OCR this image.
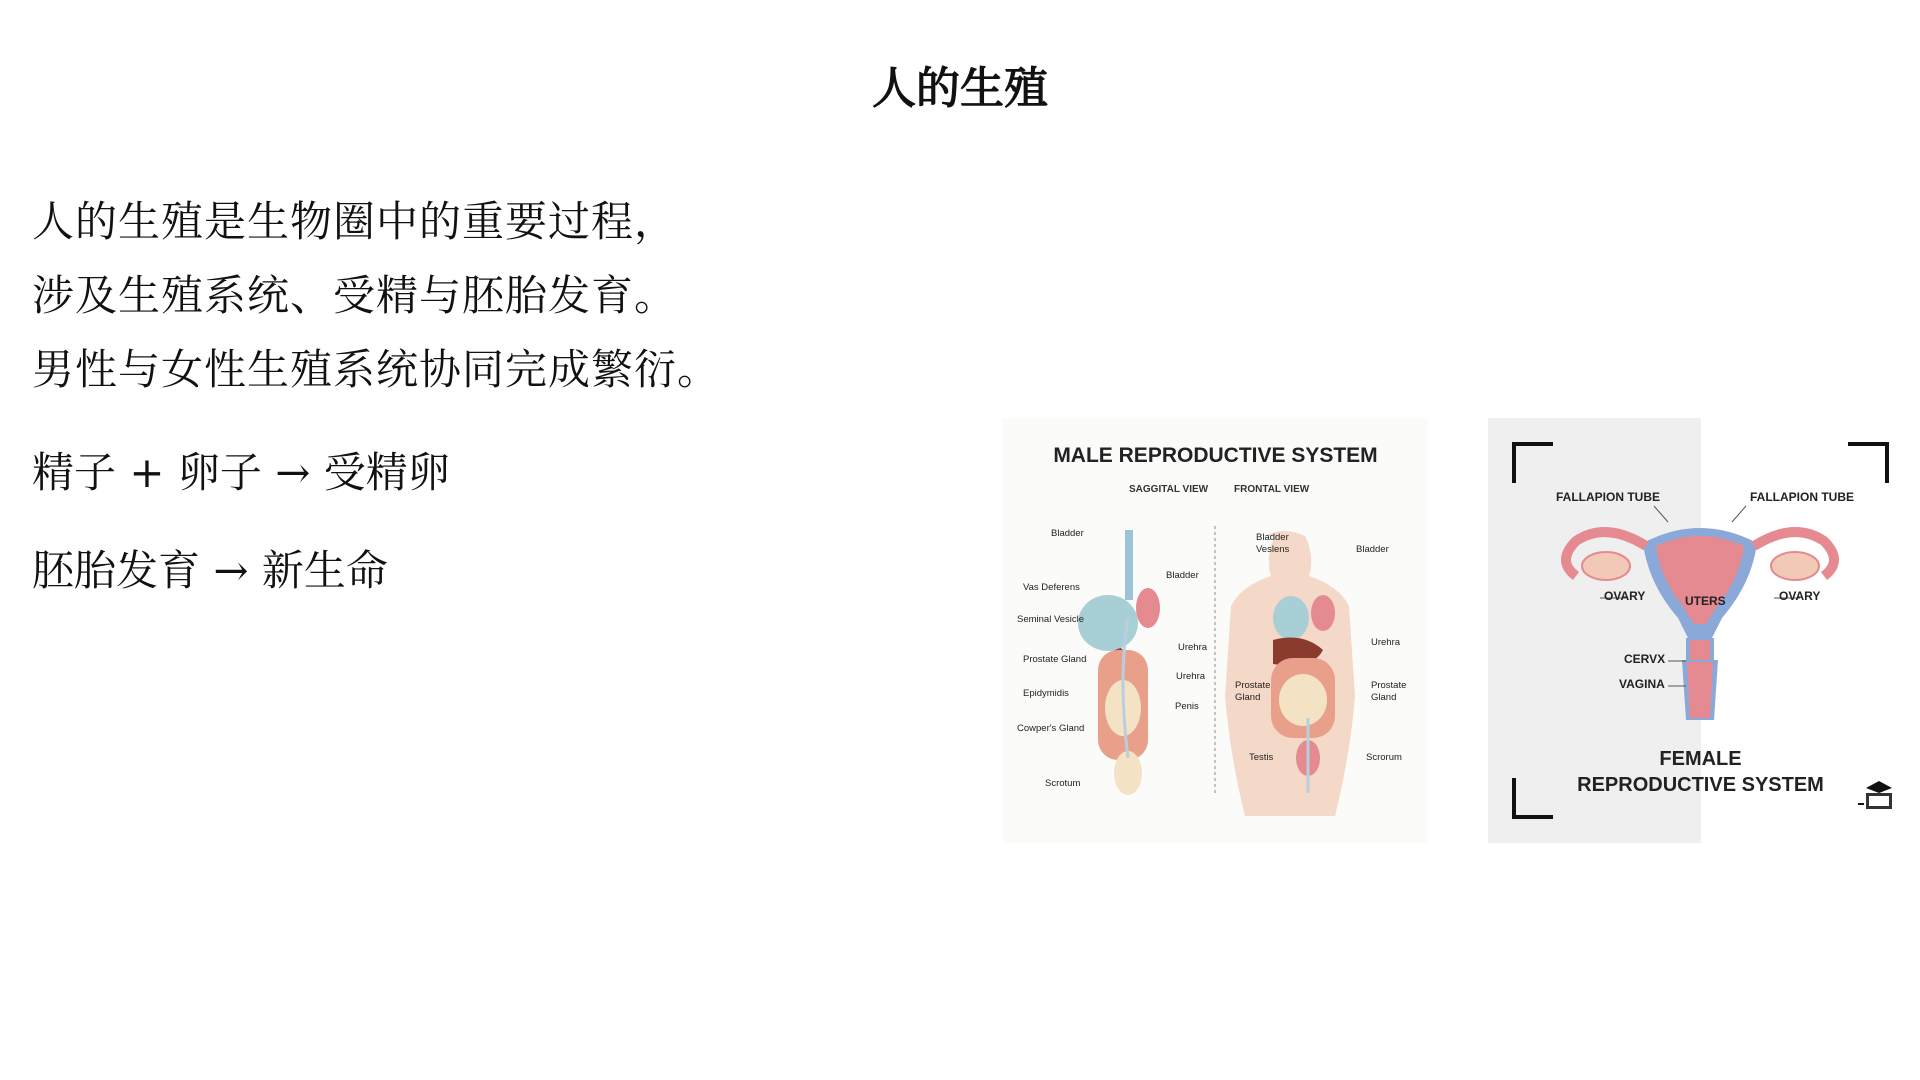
人的生殖
人的生殖是生物圈中的重要过程，
涉及生殖系统、受精与胚胎发育。
男性与女性生殖系统协同完成繁衍。
精子 + 卵子 → 受精卵
胚胎发育 → 新生命
MALE REPRODUCTIVE SYSTEM
SAGGITAL VIEW	FRONTAL VIEW
Bladder
Vas Deferens
Seminal Vesicle
Prostate Gland
Epidymidis
Cowper's Gland
Scrotum
Bladder
Urehra
Urehra
Penis
Bladder
Veslens	Bladder
Urehra
Prostate
Gland
Prostate
Gland
Testis	Scrorum
FALLAPION TUBE	FALLAPION TUBE
OVARY	OVARY
UTERS
CERVX
VAGINA
FEMALE
REPRODUCTIVE SYSTEM
